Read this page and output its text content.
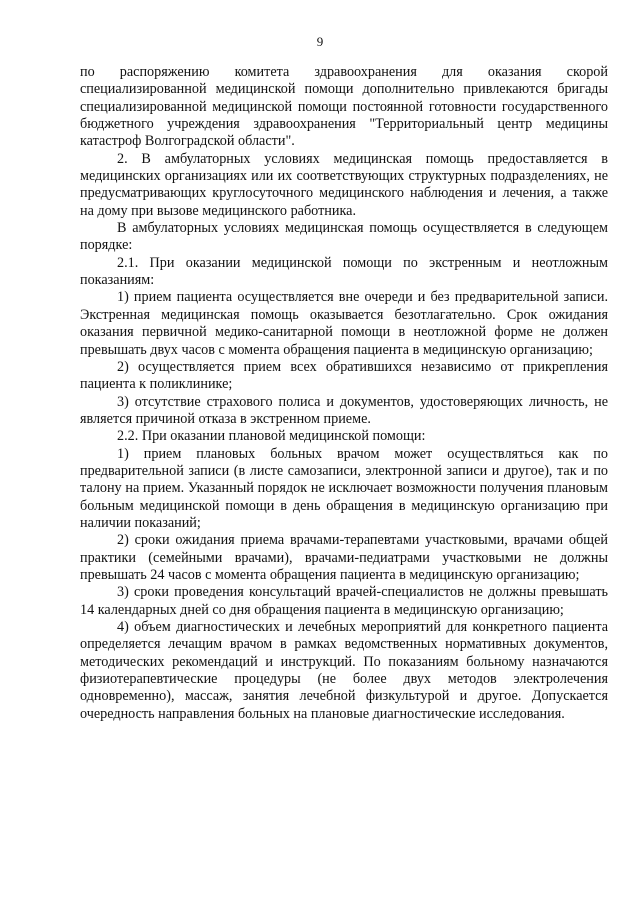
9

по распоряжению комитета здравоохранения для оказания скорой специализированной медицинской помощи дополнительно привлекаются бригады специализированной медицинской помощи постоянной готовности государственного бюджетного учреждения здравоохранения "Территориальный центр медицины катастроф Волгоградской области".

2. В амбулаторных условиях медицинская помощь предоставляется в медицинских организациях или их соответствующих структурных подразделениях, не предусматривающих круглосуточного медицинского наблюдения и лечения, а также на дому при вызове медицинского работника.

В амбулаторных условиях медицинская помощь осуществляется в следующем порядке:

2.1. При оказании медицинской помощи по экстренным и неотложным показаниям:

1) прием пациента осуществляется вне очереди и без предварительной записи. Экстренная медицинская помощь оказывается безотлагательно. Срок ожидания оказания первичной медико-санитарной помощи в неотложной форме не должен превышать двух часов с момента обращения пациента в медицинскую организацию;

2) осуществляется прием всех обратившихся независимо от прикрепления пациента к поликлинике;

3) отсутствие страхового полиса и документов, удостоверяющих личность, не является причиной отказа в экстренном приеме.

2.2. При оказании плановой медицинской помощи:

1) прием плановых больных врачом может осуществляться как по предварительной записи (в листе самозаписи, электронной записи и другое), так и по талону на прием. Указанный порядок не исключает возможности получения плановым больным медицинской помощи в день обращения в медицинскую организацию при наличии показаний;

2) сроки ожидания приема врачами-терапевтами участковыми, врачами общей практики (семейными врачами), врачами-педиатрами участковыми не должны превышать 24 часов с момента обращения пациента в медицинскую организацию;

3) сроки проведения консультаций врачей-специалистов не должны превышать 14 календарных дней со дня обращения пациента в медицинскую организацию;

4) объем диагностических и лечебных мероприятий для конкретного пациента определяется лечащим врачом в рамках ведомственных нормативных документов, методических рекомендаций и инструкций. По показаниям больному назначаются физиотерапевтические процедуры (не более двух методов электролечения одновременно), массаж, занятия лечебной физкультурой и другое. Допускается очередность направления больных на плановые диагностические исследования.
